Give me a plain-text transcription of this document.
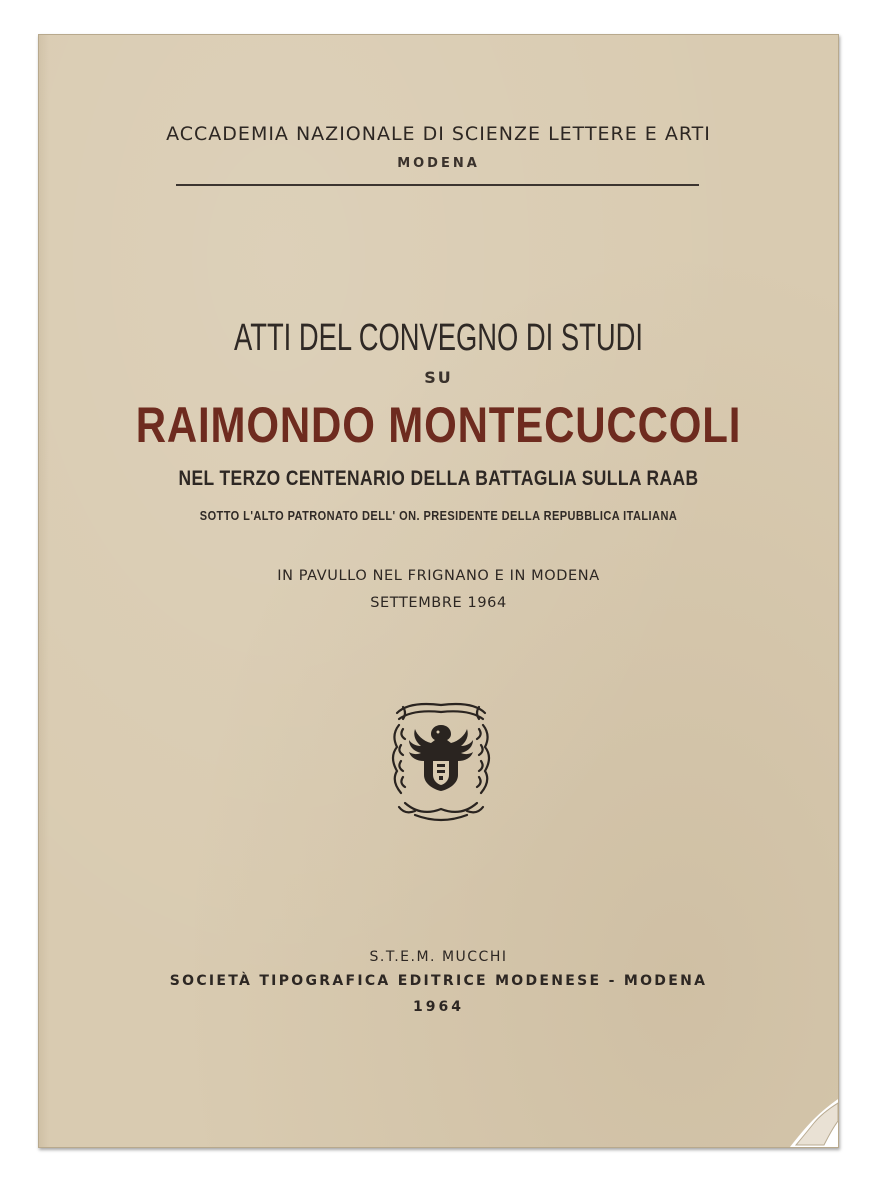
ACCADEMIA NAZIONALE DI SCIENZE LETTERE E ARTI
MODENA
ATTI DEL CONVEGNO DI STUDI
SU
RAIMONDO MONTECUCCOLI
NEL TERZO CENTENARIO DELLA BATTAGLIA SULLA RAAB
SOTTO L'ALTO PATRONATO DELL' ON. PRESIDENTE DELLA REPUBBLICA ITALIANA
IN PAVULLO NEL FRIGNANO E IN MODENA
SETTEMBRE 1964
S.T.E.M. MUCCHI
SOCIETÀ TIPOGRAFICA EDITRICE MODENESE - MODENA
1964
